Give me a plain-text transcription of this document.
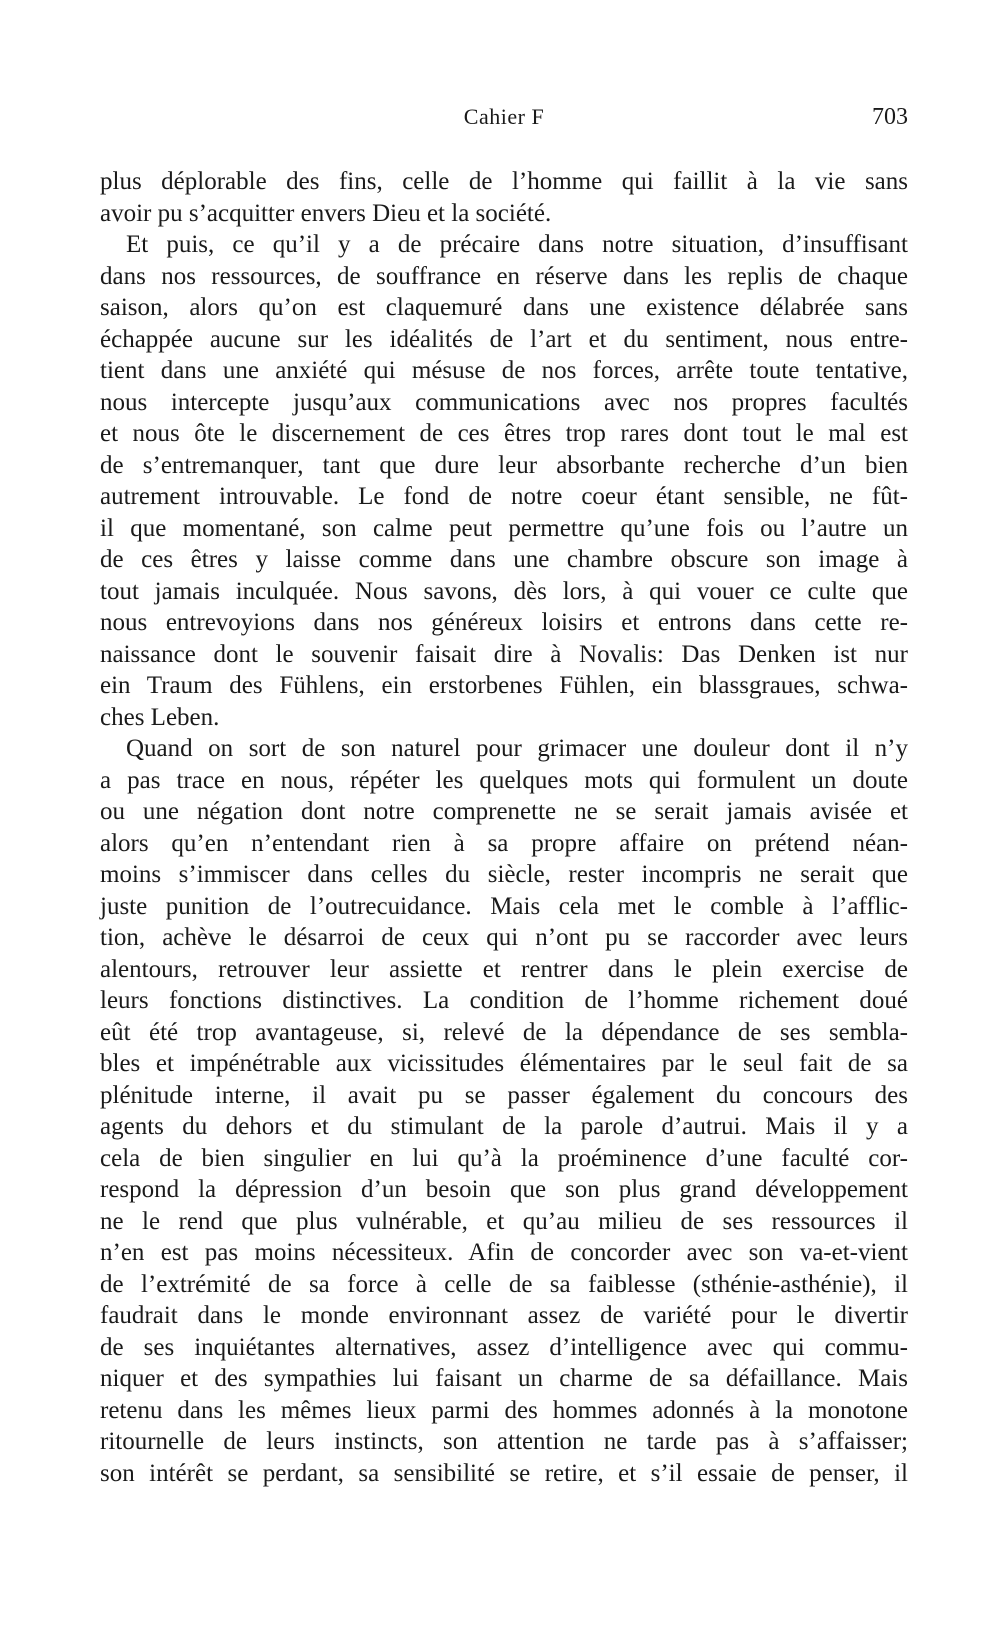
Cahier F	703
plus déplorable des fins, celle de l’homme qui faillit à la vie sans
avoir pu s’acquitter envers Dieu et la société.
Et puis, ce qu’il y a de précaire dans notre situation, d’insuffisant
dans nos ressources, de souffrance en réserve dans les replis de chaque
saison, alors qu’on est claquemuré dans une existence délabrée sans
échappée aucune sur les idéalités de l’art et du sentiment, nous entre-
tient dans une anxiété qui mésuse de nos forces, arrête toute tentative,
nous intercepte jusqu’aux communications avec nos propres facultés
et nous ôte le discernement de ces êtres trop rares dont tout le mal est
de s’entremanquer, tant que dure leur absorbante recherche d’un bien
autrement introuvable. Le fond de notre coeur étant sensible, ne fût-
il que momentané, son calme peut permettre qu’une fois ou l’autre un
de ces êtres y laisse comme dans une chambre obscure son image à
tout jamais inculquée. Nous savons, dès lors, à qui vouer ce culte que
nous entrevoyions dans nos généreux loisirs et entrons dans cette re-
naissance dont le souvenir faisait dire à Novalis: Das Denken ist nur
ein Traum des Fühlens, ein erstorbenes Fühlen, ein blassgraues, schwa-
ches Leben.
Quand on sort de son naturel pour grimacer une douleur dont il n’y
a pas trace en nous, répéter les quelques mots qui formulent un doute
ou une négation dont notre comprenette ne se serait jamais avisée et
alors qu’en n’entendant rien à sa propre affaire on prétend néan-
moins s’immiscer dans celles du siècle, rester incompris ne serait que
juste punition de l’outrecuidance. Mais cela met le comble à l’afflic-
tion, achève le désarroi de ceux qui n’ont pu se raccorder avec leurs
alentours, retrouver leur assiette et rentrer dans le plein exercise de
leurs fonctions distinctives. La condition de l’homme richement doué
eût été trop avantageuse, si, relevé de la dépendance de ses sembla-
bles et impénétrable aux vicissitudes élémentaires par le seul fait de sa
plénitude interne, il avait pu se passer également du concours des
agents du dehors et du stimulant de la parole d’autrui. Mais il y a
cela de bien singulier en lui qu’à la proéminence d’une faculté cor-
respond la dépression d’un besoin que son plus grand développement
ne le rend que plus vulnérable, et qu’au milieu de ses ressources il
n’en est pas moins nécessiteux. Afin de concorder avec son va-et-vient
de l’extrémité de sa force à celle de sa faiblesse (sthénie-asthénie), il
faudrait dans le monde environnant assez de variété pour le divertir
de ses inquiétantes alternatives, assez d’intelligence avec qui commu-
niquer et des sympathies lui faisant un charme de sa défaillance. Mais
retenu dans les mêmes lieux parmi des hommes adonnés à la monotone
ritournelle de leurs instincts, son attention ne tarde pas à s’affaisser;
son intérêt se perdant, sa sensibilité se retire, et s’il essaie de penser, il
